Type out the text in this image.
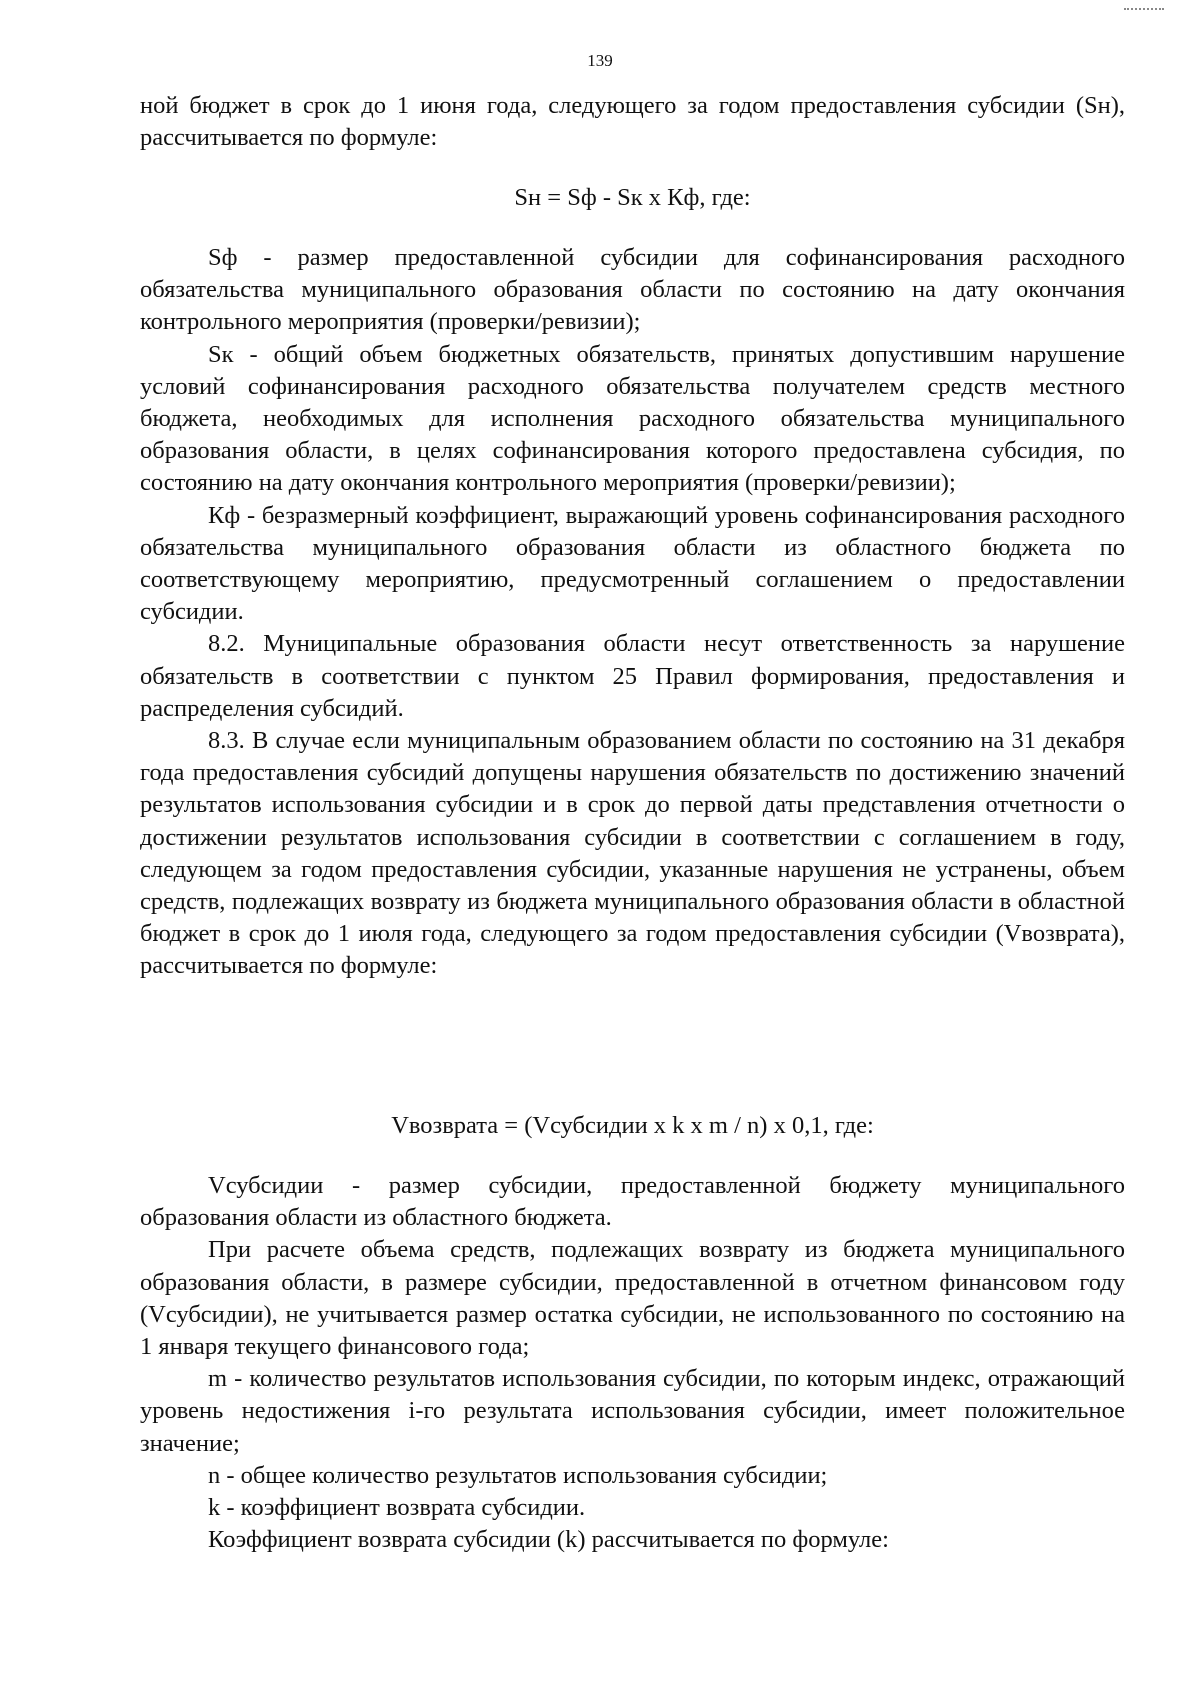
139

ной бюджет в срок до 1 июня года, следующего за годом предоставления субсидии (Sн), рассчитывается по формуле:

Sн = Sф - Sк х Кф, где:

Sф - размер предоставленной субсидии для софинансирования расходного обязательства муниципального образования области по состоянию на дату окончания контрольного мероприятия (проверки/ревизии);

Sк - общий объем бюджетных обязательств, принятых допустившим нарушение условий софинансирования расходного обязательства получателем средств местного бюджета, необходимых для исполнения расходного обязательства муниципального образования области, в целях софинансирования которого предоставлена субсидия, по состоянию на дату окончания контрольного мероприятия (проверки/ревизии);

Кф - безразмерный коэффициент, выражающий уровень софинансирования расходного обязательства муниципального образования области из областного бюджета по соответствующему мероприятию, предусмотренный соглашением о предоставлении субсидии.

8.2. Муниципальные образования области несут ответственность за нарушение обязательств в соответствии с пунктом 25 Правил формирования, предоставления и распределения субсидий.

8.3. В случае если муниципальным образованием области по состоянию на 31 декабря года предоставления субсидий допущены нарушения обязательств по достижению значений результатов использования субсидии и в срок до первой даты представления отчетности о достижении результатов использования субсидии в соответствии с соглашением в году, следующем за годом предоставления субсидии, указанные нарушения не устранены, объем средств, подлежащих возврату из бюджета муниципального образования области в областной бюджет в срок до 1 июля года, следующего за годом предоставления субсидии (Vвозврата), рассчитывается по формуле:

Vвозврата = (Vсубсидии х k х m / n) х 0,1, где:

Vсубсидии - размер субсидии, предоставленной бюджету муниципального образования области из областного бюджета.

При расчете объема средств, подлежащих возврату из бюджета муниципального образования области, в размере субсидии, предоставленной в отчетном финансовом году (Vсубсидии), не учитывается размер остатка субсидии, не использованного по состоянию на 1 января текущего финансового года;

m - количество результатов использования субсидии, по которым индекс, отражающий уровень недостижения i-го результата использования субсидии, имеет положительное значение;

n - общее количество результатов использования субсидии;

k - коэффициент возврата субсидии.

Коэффициент возврата субсидии (k) рассчитывается по формуле:
